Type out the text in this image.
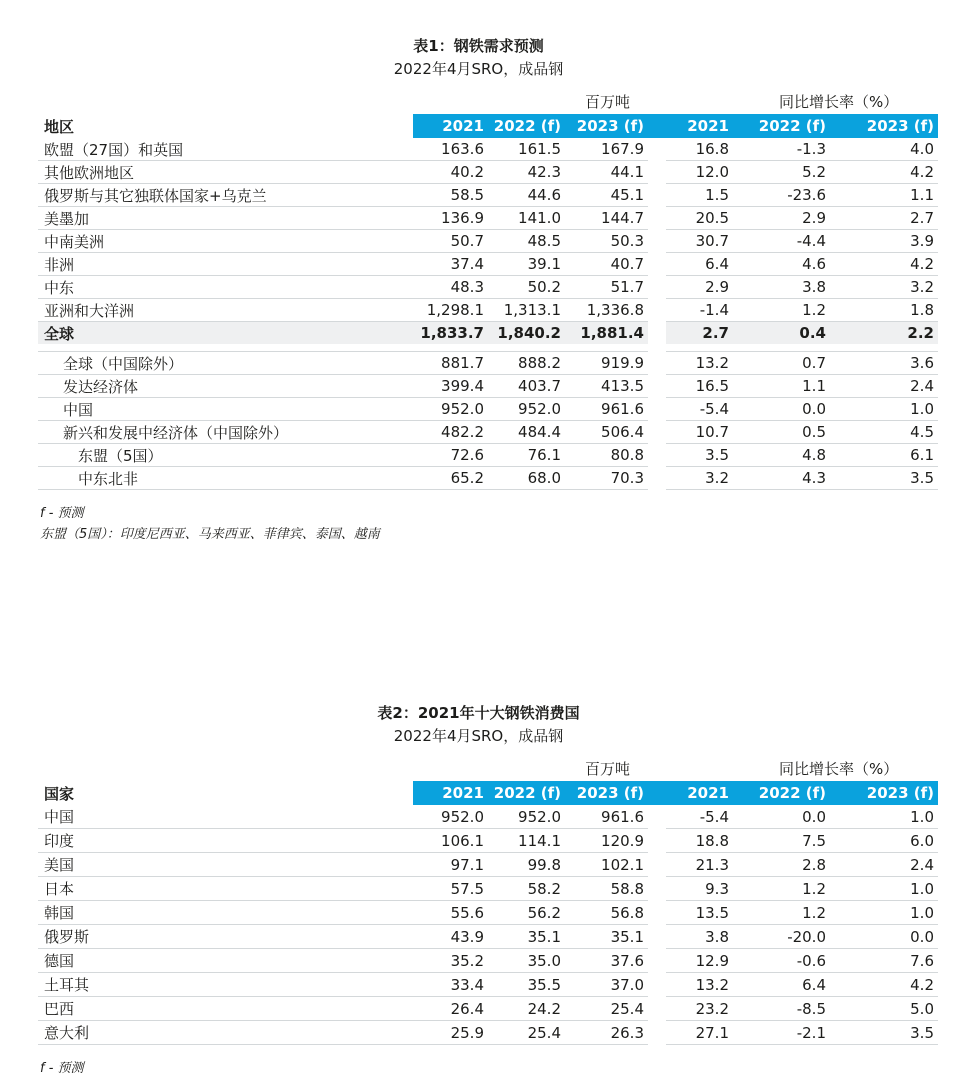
表1：钢铁需求预测
2022年4月SRO，成品钢
百万吨	同比增长率（%）
地区	2021	2022 (f)	2023 (f)		2021	2022 (f)	2023 (f)
欧盟（27国）和英国	163.6	161.5	167.9		16.8	-1.3	4.0
其他欧洲地区	40.2	42.3	44.1		12.0	5.2	4.2
俄罗斯与其它独联体国家+乌克兰	58.5	44.6	45.1		1.5	-23.6	1.1
美墨加	136.9	141.0	144.7		20.5	2.9	2.7
中南美洲	50.7	48.5	50.3		30.7	-4.4	3.9
非洲	37.4	39.1	40.7		6.4	4.6	4.2
中东	48.3	50.2	51.7		2.9	3.8	3.2
亚洲和大洋洲	1,298.1	1,313.1	1,336.8		-1.4	1.2	1.8
全球	1,833.7	1,840.2	1,881.4		2.7	0.4	2.2

全球（中国除外）	881.7	888.2	919.9		13.2	0.7	3.6
发达经济体	399.4	403.7	413.5		16.5	1.1	2.4
中国	952.0	952.0	961.6		-5.4	0.0	1.0
新兴和发展中经济体（中国除外）	482.2	484.4	506.4		10.7	0.5	4.5
东盟（5国）	72.6	76.1	80.8		3.5	4.8	6.1
中东北非	65.2	68.0	70.3		3.2	4.3	3.5
f - 预测
东盟（5国）：印度尼西亚、马来西亚、菲律宾、泰国、越南
表2：2021年十大钢铁消费国
2022年4月SRO，成品钢
百万吨	同比增长率（%）
国家	2021	2022 (f)	2023 (f)		2021	2022 (f)	2023 (f)
中国	952.0	952.0	961.6		-5.4	0.0	1.0
印度	106.1	114.1	120.9		18.8	7.5	6.0
美国	97.1	99.8	102.1		21.3	2.8	2.4
日本	57.5	58.2	58.8		9.3	1.2	1.0
韩国	55.6	56.2	56.8		13.5	1.2	1.0
俄罗斯	43.9	35.1	35.1		3.8	-20.0	0.0
德国	35.2	35.0	37.6		12.9	-0.6	7.6
土耳其	33.4	35.5	37.0		13.2	6.4	4.2
巴西	26.4	24.2	25.4		23.2	-8.5	5.0
意大利	25.9	25.4	26.3		27.1	-2.1	3.5
f - 预测
